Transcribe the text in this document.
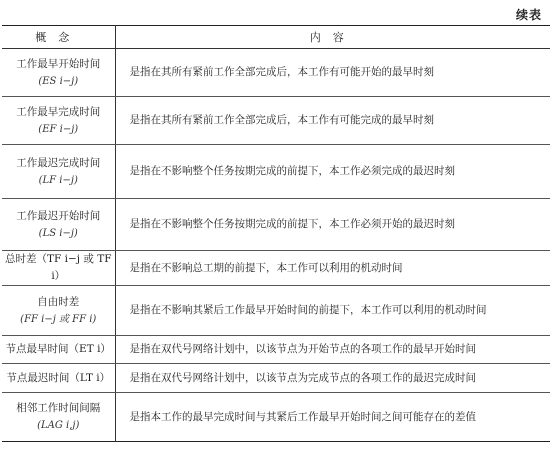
续表
概念	内容
工作最早开始时间
(ES i−j)	是指在其所有紧前工作全部完成后，本工作有可能开始的最早时刻
工作最早完成时间
(EF i−j)	是指在其所有紧前工作全部完成后，本工作有可能完成的最早时刻
工作最迟完成时间
(LF i−j)	是指在不影响整个任务按期完成的前提下，本工作必须完成的最迟时刻
工作最迟开始时间
(LS i−j)	是指在不影响整个任务按期完成的前提下，本工作必须开始的最迟时刻
总时差（TF i−j 或 TF i）	是指在不影响总工期的前提下，本工作可以利用的机动时间
自由时差
(FF i−j 或 FF i)	是指在不影响其紧后工作最早开始时间的前提下，本工作可以利用的机动时间
节点最早时间（ET i）	是指在双代号网络计划中，以该节点为开始节点的各项工作的最早开始时间
节点最迟时间（LT i）	是指在双代号网络计划中，以该节点为完成节点的各项工作的最迟完成时间
相邻工作时间间隔
(LAG i,j)	是指本工作的最早完成时间与其紧后工作最早开始时间之间可能存在的差值
